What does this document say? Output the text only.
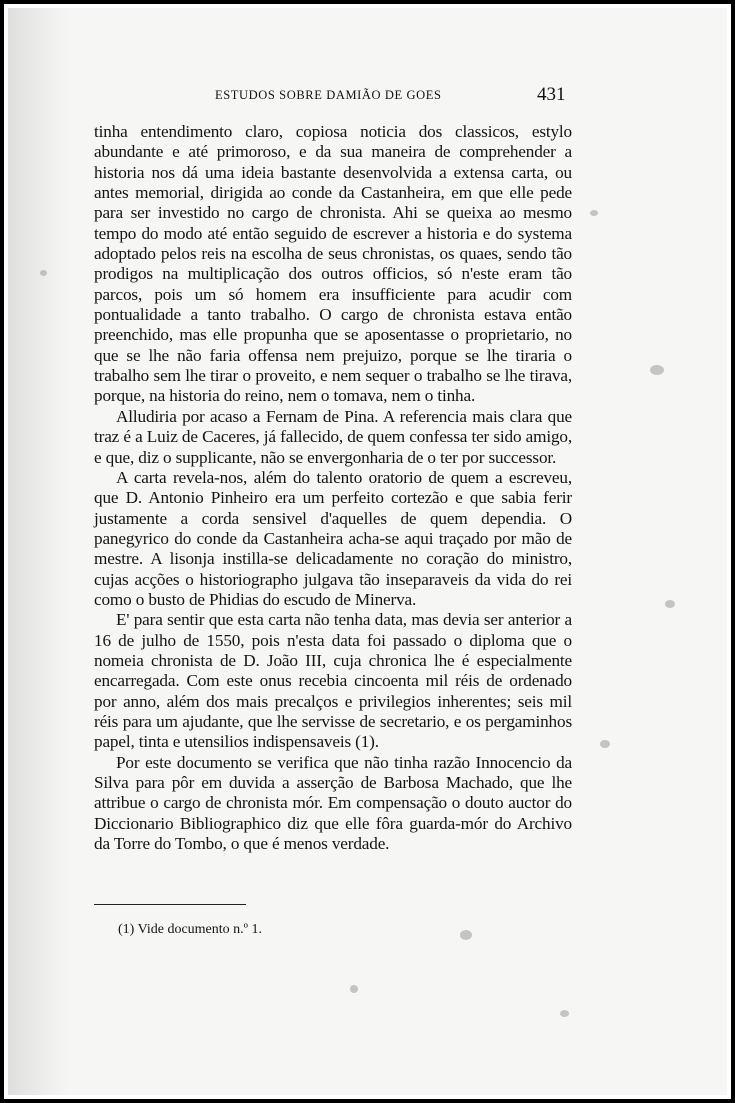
ESTUDOS SOBRE DAMIÃO DE GOES	431

tinha entendimento claro, copiosa noticia dos classicos, estylo abundante e até primoroso, e da sua maneira de comprehender a historia nos dá uma ideia bastante desenvolvida a extensa carta, ou antes memorial, dirigida ao conde da Castanheira, em que elle pede para ser investido no cargo de chronista. Ahi se queixa ao mesmo tempo do modo até então seguido de escrever a historia e do systema adoptado pelos reis na escolha de seus chronistas, os quaes, sendo tão prodigos na multiplicação dos outros officios, só n'este eram tão parcos, pois um só homem era insufficiente para acudir com pontualidade a tanto trabalho. O cargo de chronista estava então preenchido, mas elle propunha que se aposentasse o proprietario, no que se lhe não faria offensa nem prejuizo, porque se lhe tiraria o trabalho sem lhe tirar o proveito, e nem sequer o trabalho se lhe tirava, porque, na historia do reino, nem o tomava, nem o tinha.

Alludiria por acaso a Fernam de Pina. A referencia mais clara que traz é a Luiz de Caceres, já fallecido, de quem confessa ter sido amigo, e que, diz o supplicante, não se envergonharia de o ter por successor.

A carta revela-nos, além do talento oratorio de quem a escreveu, que D. Antonio Pinheiro era um perfeito cortezão e que sabia ferir justamente a corda sensivel d'aquelles de quem dependia. O panegyrico do conde da Castanheira acha-se aqui traçado por mão de mestre. A lisonja instilla-se delicadamente no coração do ministro, cujas acções o historiographo julgava tão inseparaveis da vida do rei como o busto de Phidias do escudo de Minerva.

E' para sentir que esta carta não tenha data, mas devia ser anterior a 16 de julho de 1550, pois n'esta data foi passado o diploma que o nomeia chronista de D. João III, cuja chronica lhe é especialmente encarregada. Com este onus recebia cincoenta mil réis de ordenado por anno, além dos mais precalços e privilegios inherentes; seis mil réis para um ajudante, que lhe servisse de secretario, e os pergaminhos papel, tinta e utensilios indispensaveis (1).

Por este documento se verifica que não tinha razão Innocencio da Silva para pôr em duvida a asserção de Barbosa Machado, que lhe attribue o cargo de chronista mór. Em compensação o douto auctor do Diccionario Bibliographico diz que elle fôra guarda-mór do Archivo da Torre do Tombo, o que é menos verdade.

(1) Vide documento n.º 1.
